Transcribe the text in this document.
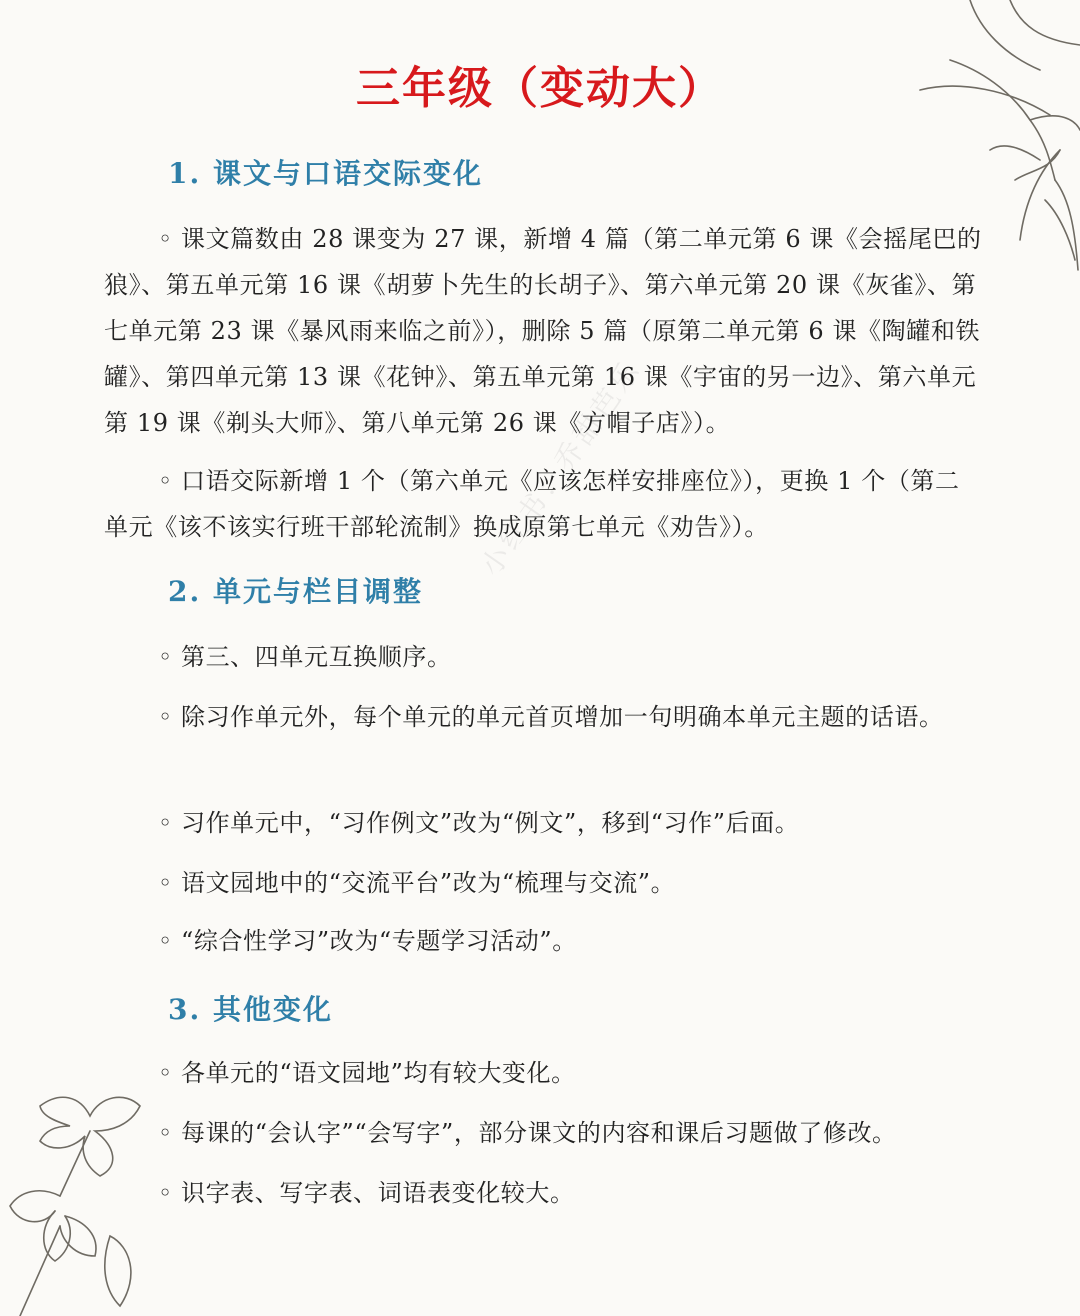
小红书：乔甜芭乐
三年级（变动大）
1. 课文与口语交际变化
◦ 课文篇数由 28 课变为 27 课，新增 4 篇（第二单元第 6 课《会摇尾巴的狼》、第五单元第 16 课《胡萝卜先生的长胡子》、第六单元第 20 课《灰雀》、第七单元第 23 课《暴风雨来临之前》），删除 5 篇（原第二单元第 6 课《陶罐和铁罐》、第四单元第 13 课《花钟》、第五单元第 16 课《宇宙的另一边》、第六单元第 19 课《剃头大师》、第八单元第 26 课《方帽子店》）。
◦ 口语交际新增 1 个（第六单元《应该怎样安排座位》），更换 1 个（第二单元《该不该实行班干部轮流制》换成原第七单元《劝告》）。
2. 单元与栏目调整
◦ 第三、四单元互换顺序。
◦ 除习作单元外，每个单元的单元首页增加一句明确本单元主题的话语。
◦ 习作单元中，“习作例文”改为“例文”，移到“习作”后面。
◦ 语文园地中的“交流平台”改为“梳理与交流”。
◦ “综合性学习”改为“专题学习活动”。
3. 其他变化
◦ 各单元的“语文园地”均有较大变化。
◦ 每课的“会认字”“会写字”，部分课文的内容和课后习题做了修改。
◦ 识字表、写字表、词语表变化较大。
